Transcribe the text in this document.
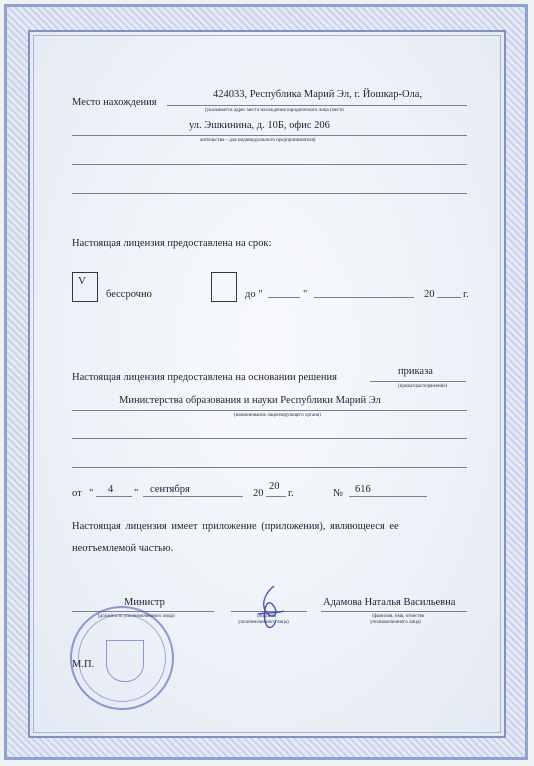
Место нахождения
424033, Республика Марий Эл, г. Йошкар-Ола,
(указывается адрес места нахождения юридического лица (место
ул. Эшкинина, д. 10Б, офис 206
жительства – для индивидуального предпринимателя)
Настоящая лицензия предоставлена на срок:
V
бессрочно	до "	"	20	г.
Настоящая лицензия предоставлена на основании решения
приказа
(приказ/распоряжение)
Министерства образования и науки Республики Марий Эл
(наименование лицензирующего органа)
от " 4 " сентября	20
20
г.	№ 616
Настоящая лицензия имеет приложение (приложения), являющееся ее
неотъемлемой частью.
Министр
(должность уполномоченного лица)	(подпись
уполномоченного лица)
Адамова Наталья Васильевна
(фамилия, имя, отчество
уполномоченного лица)
М.П.
